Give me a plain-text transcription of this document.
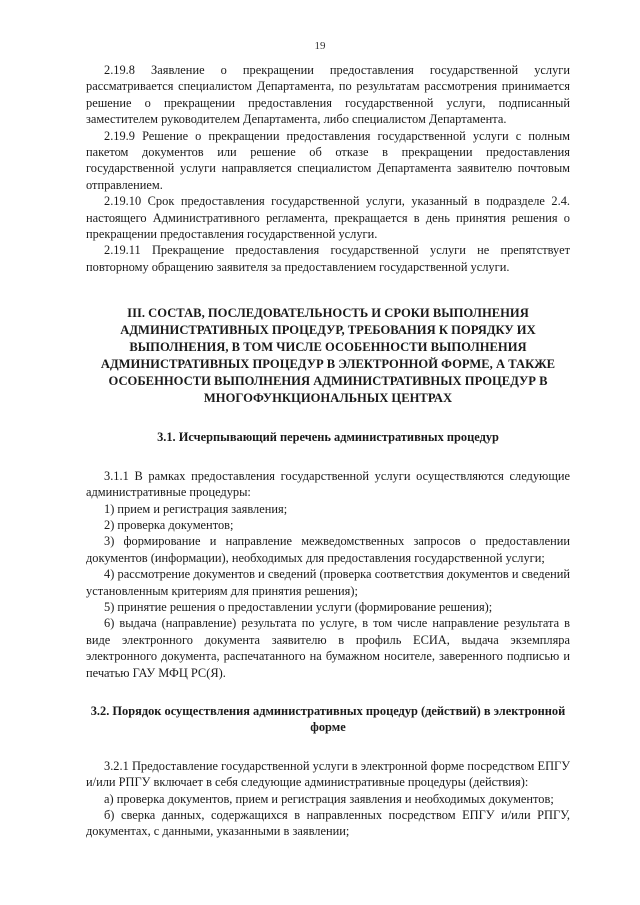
19

2.19.8 Заявление о прекращении предоставления государственной услуги рассматривается специалистом Департамента, по результатам рассмотрения принимается решение о прекращении предоставления государственной услуги, подписанный заместителем руководителем Департамента, либо специалистом Департамента.

2.19.9 Решение о прекращении предоставления государственной услуги с полным пакетом документов или решение об отказе в прекращении предоставления государственной услуги направляется специалистом Департамента заявителю почтовым отправлением.

2.19.10 Срок предоставления государственной услуги, указанный в подразделе 2.4. настоящего Административного регламента, прекращается в день принятия решения о прекращении предоставления государственной услуги.

2.19.11 Прекращение предоставления государственной услуги не препятствует повторному обращению заявителя за предоставлением государственной услуги.

III. СОСТАВ, ПОСЛЕДОВАТЕЛЬНОСТЬ И СРОКИ ВЫПОЛНЕНИЯ АДМИНИСТРАТИВНЫХ ПРОЦЕДУР, ТРЕБОВАНИЯ К ПОРЯДКУ ИХ ВЫПОЛНЕНИЯ, В ТОМ ЧИСЛЕ ОСОБЕННОСТИ ВЫПОЛНЕНИЯ АДМИНИСТРАТИВНЫХ ПРОЦЕДУР В ЭЛЕКТРОННОЙ ФОРМЕ, А ТАКЖЕ ОСОБЕННОСТИ ВЫПОЛНЕНИЯ АДМИНИСТРАТИВНЫХ ПРОЦЕДУР В МНОГОФУНКЦИОНАЛЬНЫХ ЦЕНТРАХ
3.1. Исчерпывающий перечень административных процедур

3.1.1 В рамках предоставления государственной услуги осуществляются следующие административные процедуры:

1) прием и регистрация заявления;

2) проверка документов;

3) формирование и направление межведомственных запросов о предоставлении документов (информации), необходимых для предоставления государственной услуги;

4) рассмотрение документов и сведений (проверка соответствия документов и сведений установленным критериям для принятия решения);

5) принятие решения о предоставлении услуги (формирование решения);

6) выдача (направление) результата по услуге, в том числе направление результата в виде электронного документа заявителю в профиль ЕСИА, выдача экземпляра электронного документа, распечатанного на бумажном носителе, заверенного подписью и печатью ГАУ МФЦ РС(Я).

3.2. Порядок осуществления административных процедур (действий) в электронной форме

3.2.1 Предоставление государственной услуги в электронной форме посредством ЕПГУ и/или РПГУ включает в себя следующие административные процедуры (действия):

а) проверка документов, прием и регистрация заявления и необходимых документов;

б) сверка данных, содержащихся в направленных посредством ЕПГУ и/или РПГУ, документах, с данными, указанными в заявлении;
